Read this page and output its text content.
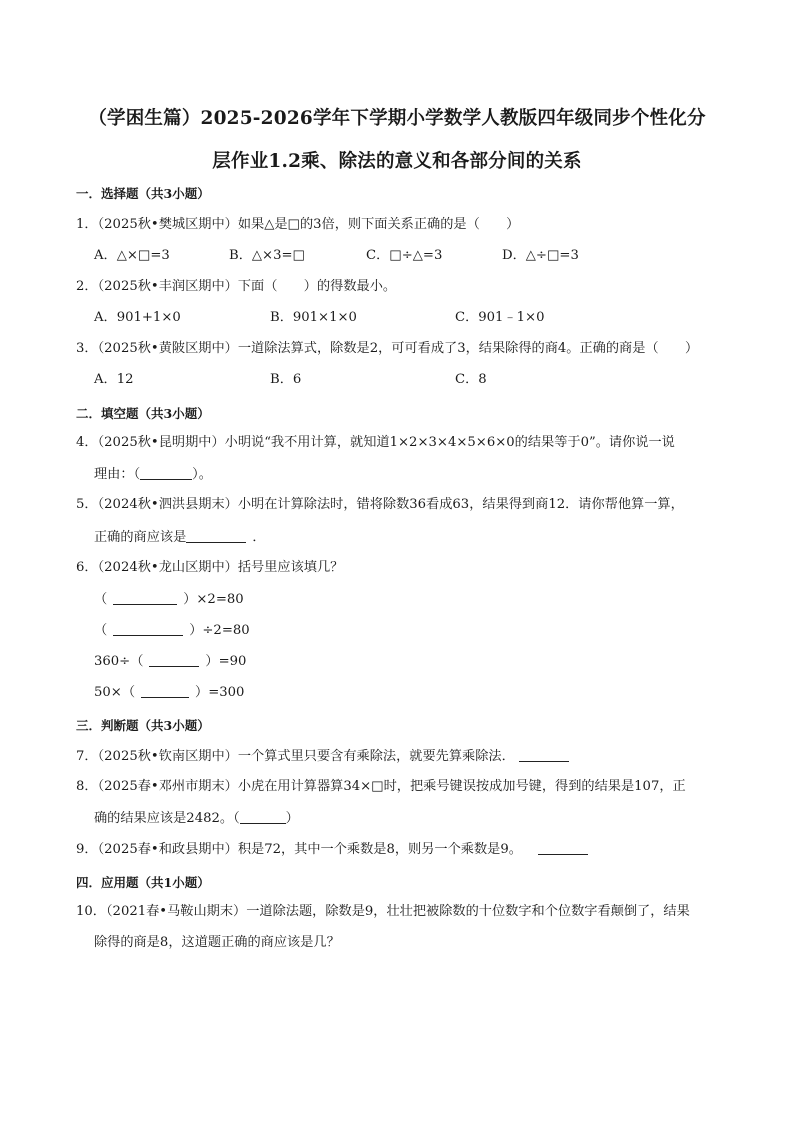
（学困生篇）2025-2026学年下学期小学数学人教版四年级同步个性化分
层作业1.2乘、除法的意义和各部分间的关系
一．选择题（共3小题）
1．（2025秋•樊城区期中）如果△是□的3倍，则下面关系正确的是（　　）
A．△×□=3	B．△×3=□	C．□÷△=3	D．△÷□=3
2．（2025秋•丰润区期中）下面（　　）的得数最小。
A．901+1×0	B．901×1×0	C．901﹣1×0
3．（2025秋•黄陂区期中）一道除法算式，除数是2，可可看成了3，结果除得的商4。正确的商是（　　）
A．12	B．6	C．8
二．填空题（共3小题）
4．（2025秋•昆明期中）小明说“我不用计算，就知道1×2×3×4×5×6×0的结果等于0”。请你说一说
理由：（	）。
5．（2024秋•泗洪县期末）小明在计算除法时，错将除数36看成63，结果得到商12．请你帮他算一算，
正确的商应该是	．
6．（2024秋•龙山区期中）括号里应该填几？
（	）×2=80
（	）÷2=80
360÷（	）=90
50×（	）=300
三．判断题（共3小题）
7．（2025秋•钦南区期中）一个算式里只要含有乘除法，就要先算乘除法．
8．（2025春•邓州市期末）小虎在用计算器算34×□时，把乘号键误按成加号键，得到的结果是107，正
确的结果应该是2482。（	）
9．（2025春•和政县期中）积是72，其中一个乘数是8，则另一个乘数是9。
四．应用题（共1小题）
10．（2021春•马鞍山期末）一道除法题，除数是9，壮壮把被除数的十位数字和个位数字看颠倒了，结果
除得的商是8，这道题正确的商应该是几？
